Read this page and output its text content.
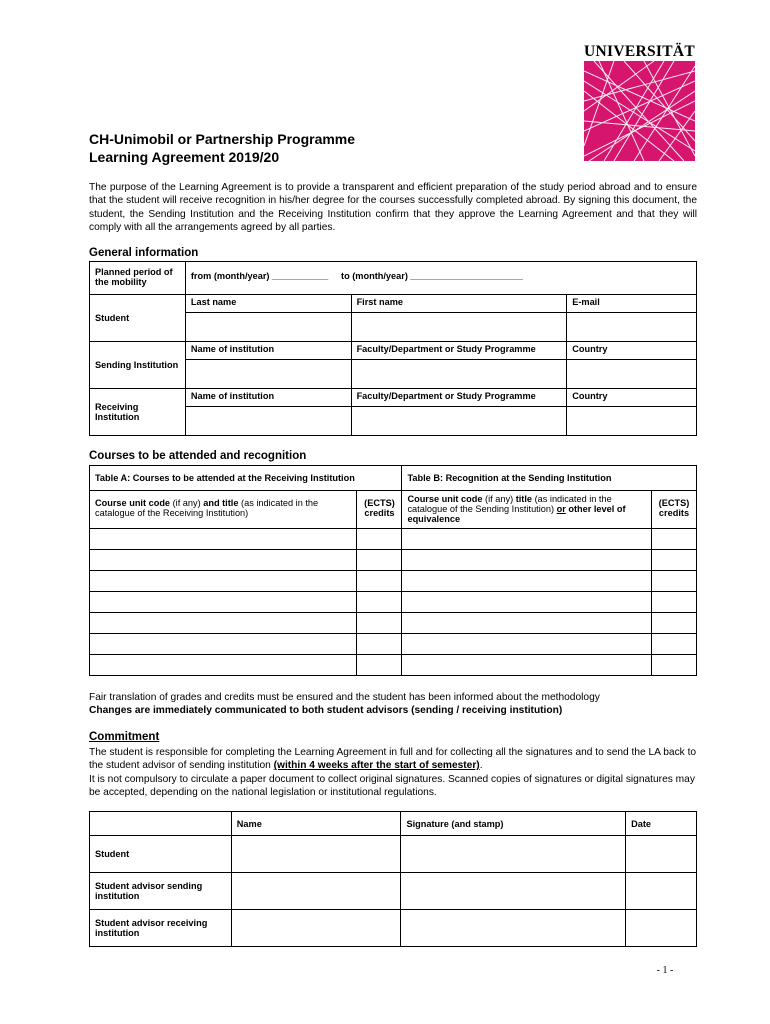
UNIVERSITÄT
CH-Unimobil or Partnership Programme
Learning Agreement 2019/20

The purpose of the Learning Agreement is to provide a transparent and efficient preparation of the study period abroad and to ensure that the student will receive recognition in his/her degree for the courses successfully completed abroad. By signing this document, the student, the Sending Institution and the Receiving Institution confirm that they approve the Learning Agreement and that they will comply with all the arrangements agreed by all parties.

General information
Planned period of the mobility	from (month/year) ___________ to (month/year) ______________________		
Student	Last name	First name	E-mail

Sending Institution	Name of institution	Faculty/Department or Study Programme	Country

Receiving Institution	Name of institution	Faculty/Department or Study Programme	Country
Courses to be attended and recognition
Table A: Courses to be attended at the Receiving Institution		Table B: Recognition at the Sending Institution	
Course unit code (if any) and title (as indicated in the catalogue of the Receiving Institution)	(ECTS) credits	Course unit code (if any) title (as indicated in the catalogue of the Sending Institution) or other level of equivalence	(ECTS) credits

Fair translation of grades and credits must be ensured and the student has been informed about the methodology
Changes are immediately communicated to both student advisors (sending / receiving institution)
Commitment

The student is responsible for completing the Learning Agreement in full and for collecting all the signatures and to send the LA back to the student advisor of sending institution (within 4 weeks after the start of semester).

It is not compulsory to circulate a paper document to collect original signatures. Scanned copies of signatures or digital signatures may be accepted, depending on the national legislation or institutional regulations.

	Name	Signature (and stamp)	Date
Student			
Student advisor sending institution			
Student advisor receiving institution			
- 1 -
